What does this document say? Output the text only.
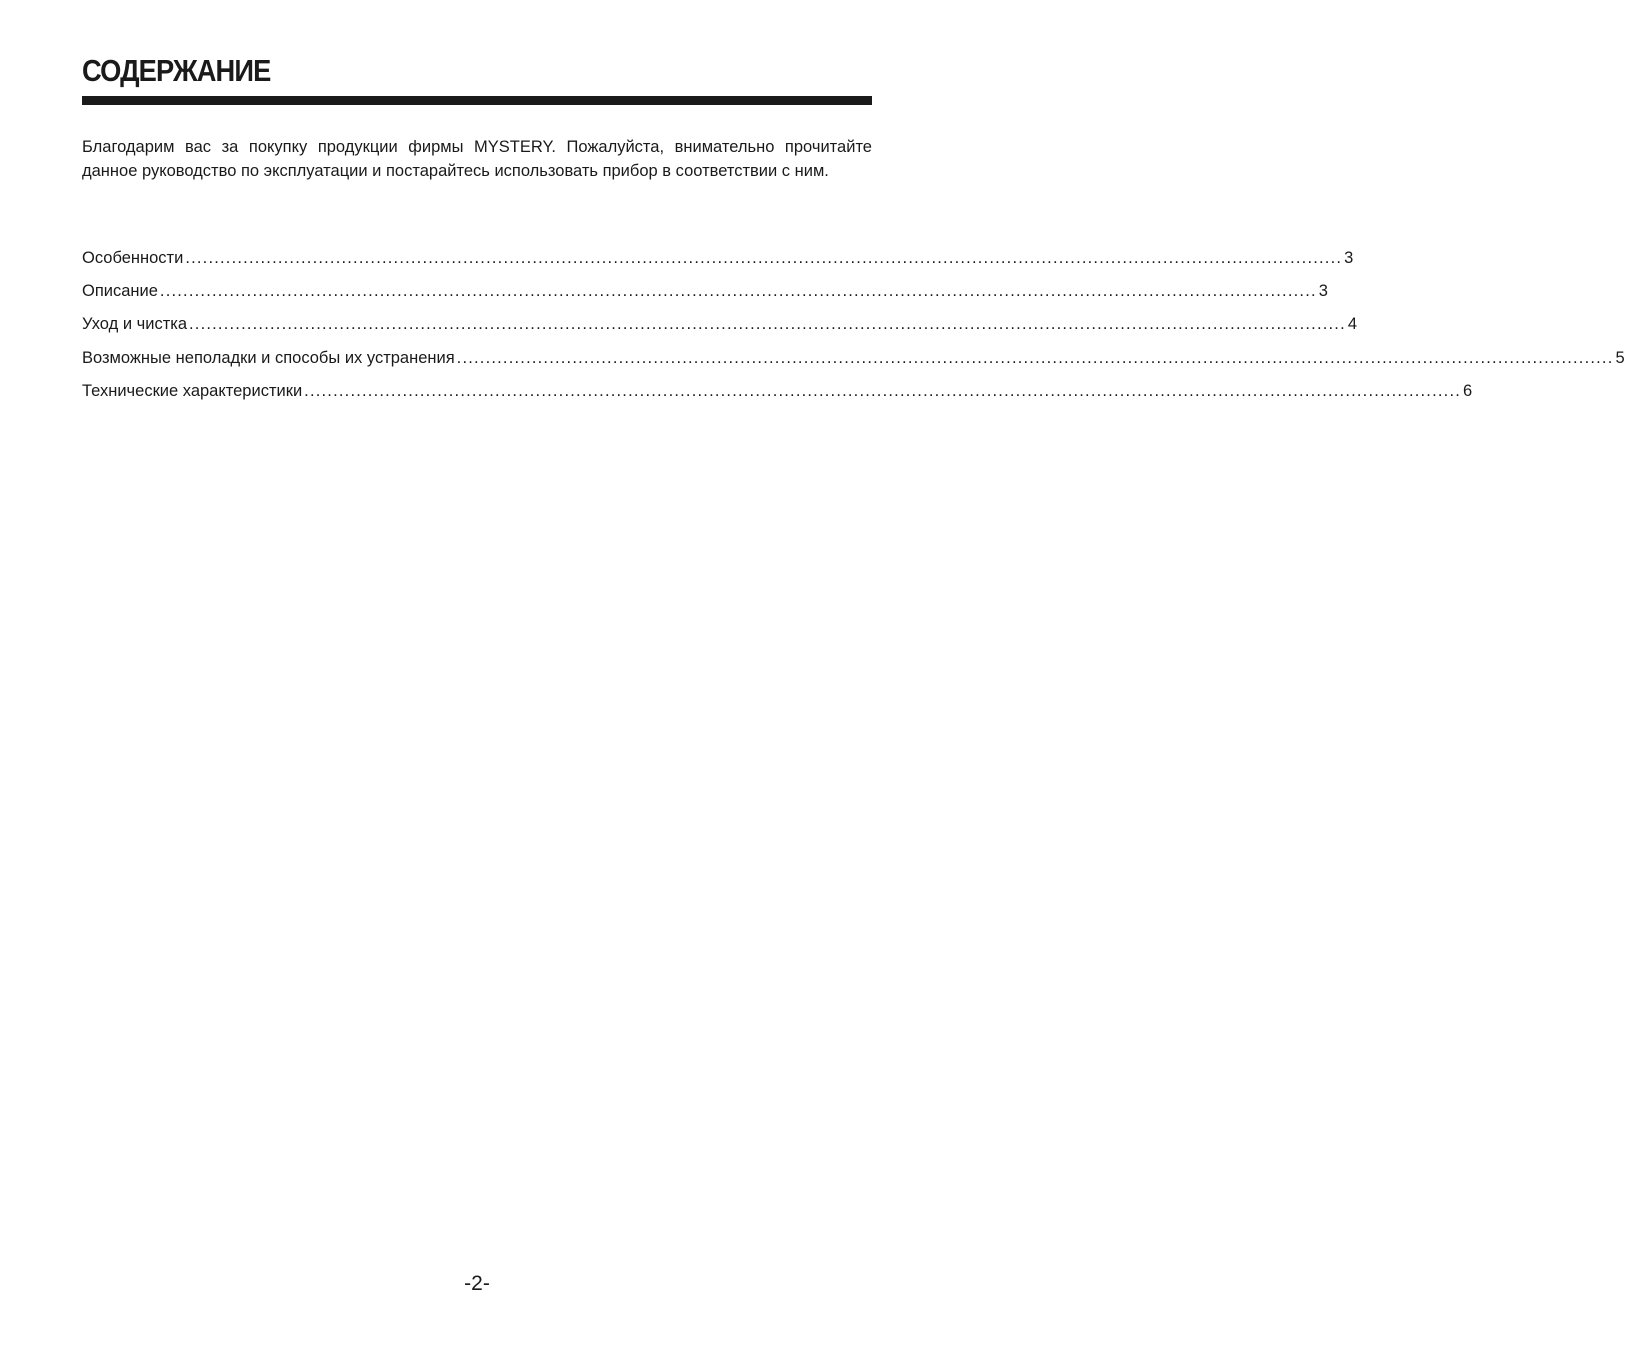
СОДЕРЖАНИЕ

Благодарим вас за покупку продукции фирмы MYSTERY. Пожалуйста, внимательно прочитайте данное руководство по эксплуатации и постарайтесь использовать прибор в соответствии с ним.

Особенности ........................................................................................................................................................................................................ 3
Описание ........................................................................................................................................................................................................ 3
Уход и чистка ........................................................................................................................................................................................................ 4
Возможные неполадки и способы их устранения ........................................................................................................................................................................................................ 5
Технические характеристики ........................................................................................................................................................................................................ 6
-2-
